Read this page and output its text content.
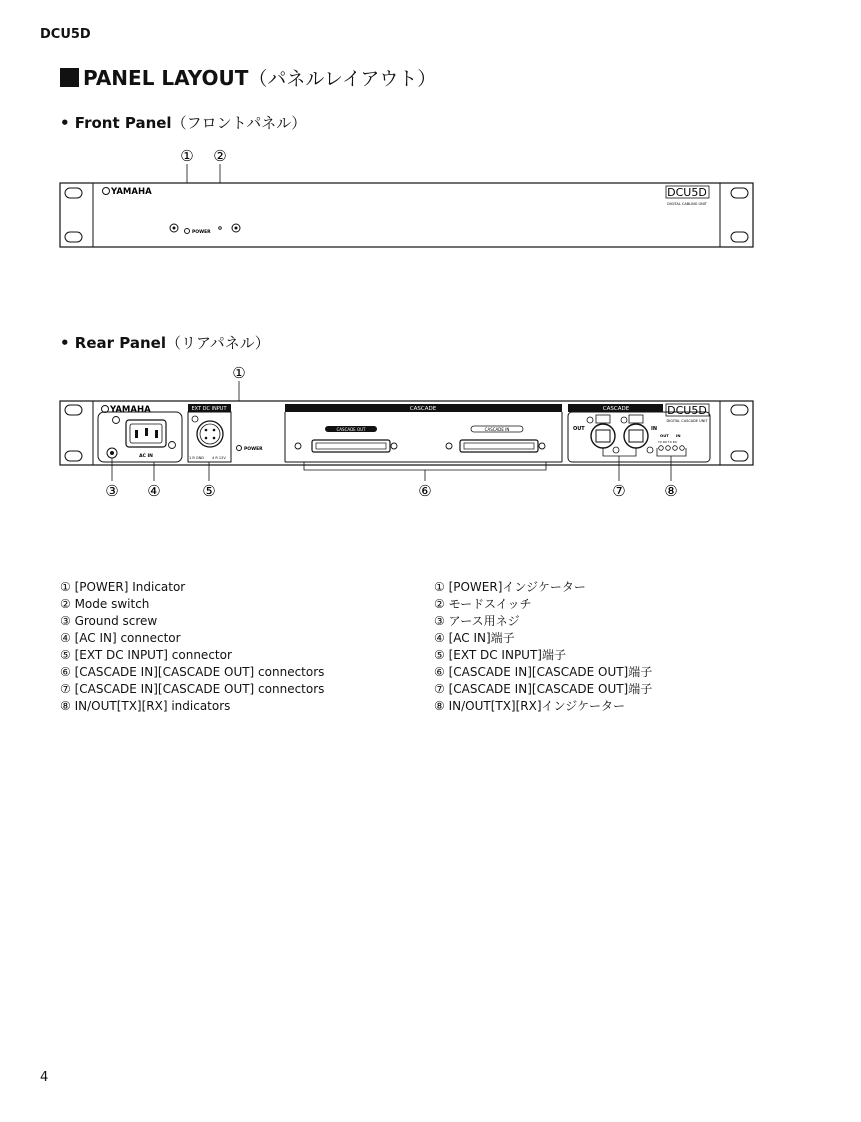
DCU5D
PANEL LAYOUT （パネルレイアウト）
• Front Panel（フロントパネル）
① ②
YAMAHA
POWER
DCU5D
DIGITAL CABLING UNIT
• Rear Panel（リアパネル）
①
YAMAHA
AC IN
EXT DC INPUT
1 R GND 4 R 12V
POWER
CASCADE
CASCADE OUT	CASCADE IN
CASCADE
OUT	IN
OUT IN
TX RX TX RX
DCU5D
DIGITAL CASCADE UNIT
③ ④	⑤	⑥	⑦	⑧
① [POWER] Indicator
② Mode switch
③ Ground screw
④ [AC IN] connector
⑤ [EXT DC INPUT] connector
⑥ [CASCADE IN][CASCADE OUT] connectors
⑦ [CASCADE IN][CASCADE OUT] connectors
⑧ IN/OUT[TX][RX] indicators
① [POWER]インジケーター
② モードスイッチ
③ アース用ネジ
④ [AC IN]端子
⑤ [EXT DC INPUT]端子
⑥ [CASCADE IN][CASCADE OUT]端子
⑦ [CASCADE IN][CASCADE OUT]端子
⑧ IN/OUT[TX][RX]インジケーター
4
